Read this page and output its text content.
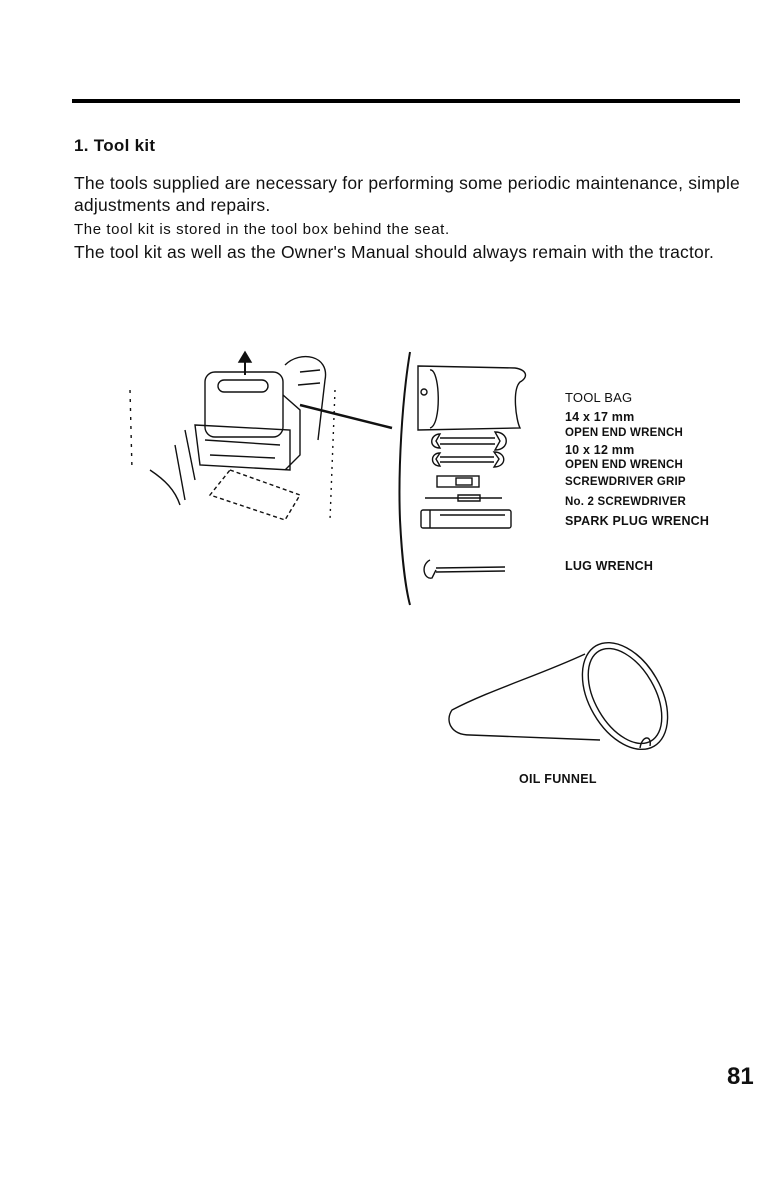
1. Tool kit
The tools supplied are necessary for performing some periodic maintenance, simple adjustments and repairs.
The tool kit is stored in the tool box behind the seat.
The tool kit as well as the Owner's Manual should always remain with the tractor.
TOOL BAG
14 x 17 mm
OPEN END WRENCH
10 x 12 mm
OPEN END WRENCH
SCREWDRIVER GRIP
No. 2 SCREWDRIVER
SPARK PLUG WRENCH
LUG WRENCH
OIL FUNNEL
81
